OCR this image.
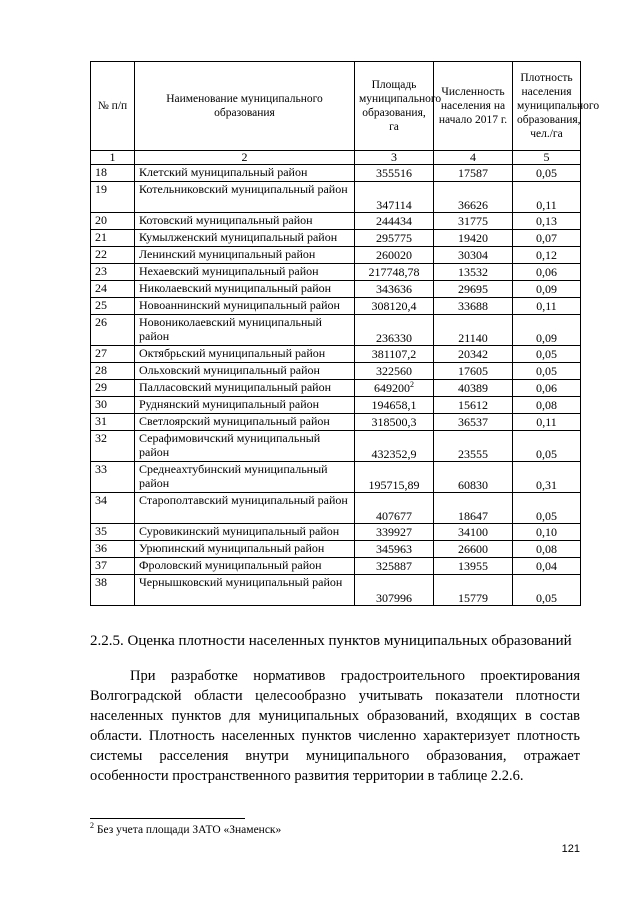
№ п/п	Наименование муниципального образования	Площадь муниципального образования, га	Численность населения на начало 2017 г.	Плотность населения муниципального образования, чел./га
1	2	3	4	5
18	Клетский муниципальный район	355516	17587	0,05
19	Котельниковский муниципальный район	347114	36626	0,11
20	Котовский муниципальный район	244434	31775	0,13
21	Кумылженский муниципальный район	295775	19420	0,07
22	Ленинский муниципальный район	260020	30304	0,12
23	Нехаевский муниципальный район	217748,78	13532	0,06
24	Николаевский муниципальный район	343636	29695	0,09
25	Новоаннинский муниципальный район	308120,4	33688	0,11
26	Новониколаевский муниципальный район	236330	21140	0,09
27	Октябрьский муниципальный район	381107,2	20342	0,05
28	Ольховский муниципальный район	322560	17605	0,05
29	Палласовский муниципальный район	649200$^2$	40389	0,06
30	Руднянский муниципальный район	194658,1	15612	0,08
31	Светлоярский муниципальный район	318500,3	36537	0,11
32	Серафимовичский муниципальный район	432352,9	23555	0,05
33	Среднеахтубинский муниципальный район	195715,89	60830	0,31
34	Старополтавский муниципальный район	407677	18647	0,05
35	Суровикинский муниципальный район	339927	34100	0,10
36	Урюпинский муниципальный район	345963	26600	0,08
37	Фроловский муниципальный район	325887	13955	0,04
38	Чернышковский муниципальный район	307996	15779	0,05
2.2.5. Оценка плотности населенных пунктов муниципальных образований

При разработке нормативов градостроительного проектирования Волгоградской области целесообразно учитывать показатели плотности населенных пунктов для муниципальных образований, входящих в состав области. Плотность населенных пунктов численно характеризует плотность системы расселения внутри муниципального образования, отражает особенности пространственного развития территории в таблице 2.2.6.

$^2$ Без учета площади ЗАТО «Знаменск»
121
